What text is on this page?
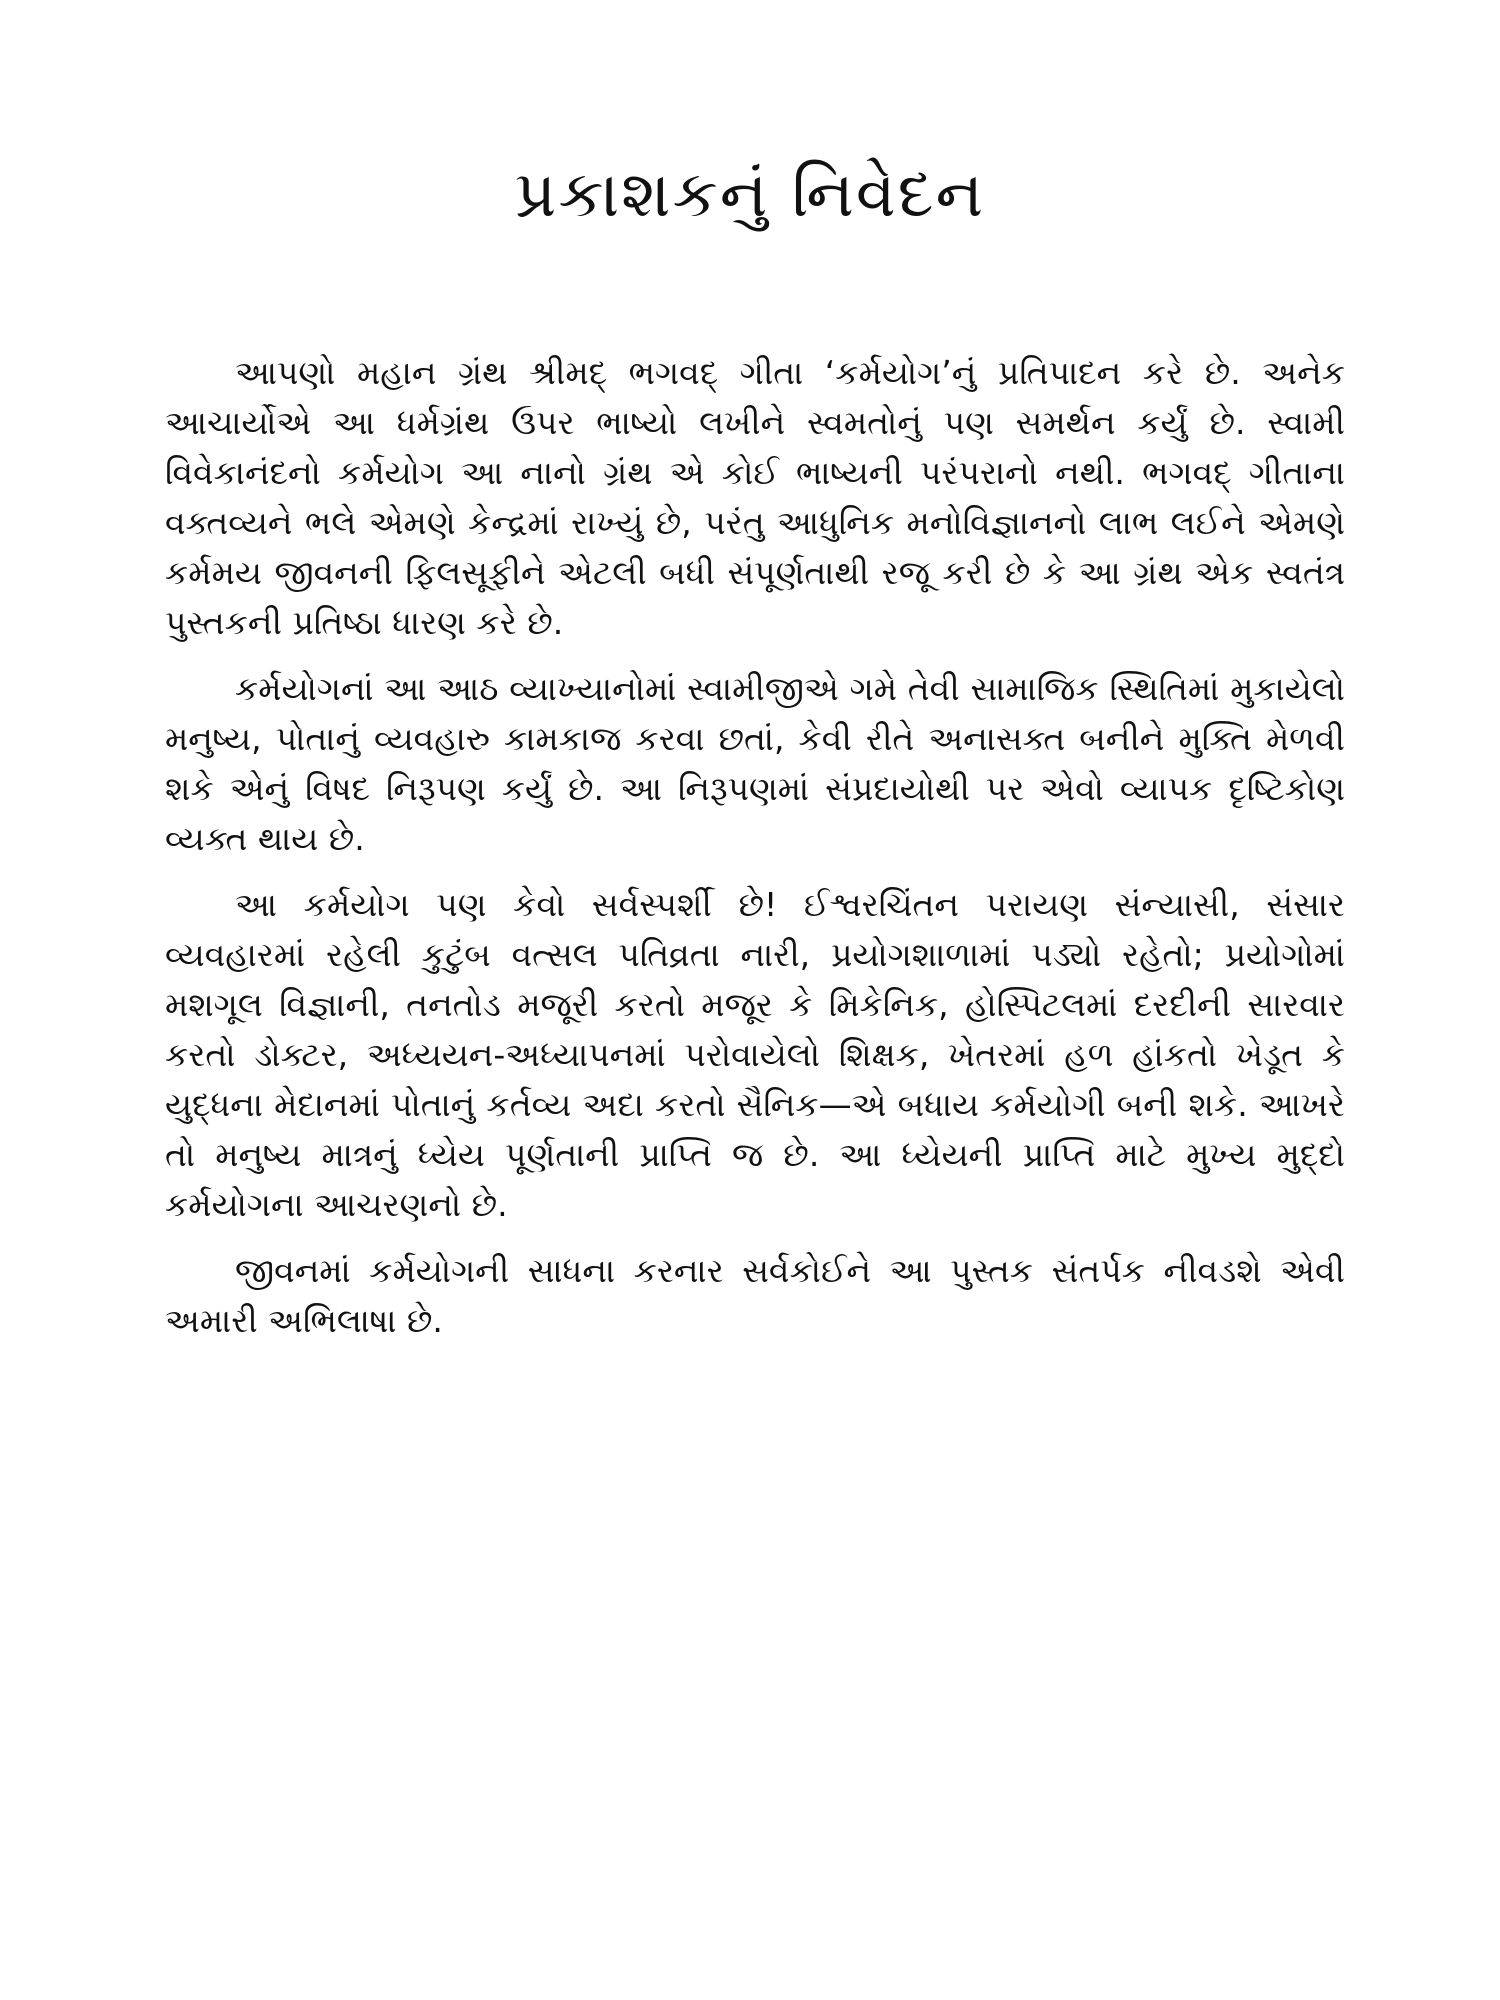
પ્રકાશકનું નિવેદન

આપણો મહાન ગ્રંથ શ્રીમદ્ ભગવદ્ ગીતા ‘કર્મયોગ’નું પ્રતિપાદન કરે છે. અનેક આચાર્યોએ આ ધર્મગ્રંથ ઉપર ભાષ્યો લખીને સ્વમતોનું પણ સમર્થન કર્યું છે. સ્વામી વિવેકાનંદનો કર્મયોગ આ નાનો ગ્રંથ એ કોઈ ભાષ્યની પરંપરાનો નથી. ભગવદ્ ગીતાના વક્તવ્યને ભલે એમણે કેન્દ્રમાં રાખ્યું છે, પરંતુ આધુનિક મનોવિજ્ઞાનનો લાભ લઈને એમણે કર્મમય જીવનની ફિલસૂફીને એટલી બધી સંપૂર્ણતાથી રજૂ કરી છે કે આ ગ્રંથ એક સ્વતંત્ર પુસ્તકની પ્રતિષ્ઠા ધારણ કરે છે.

કર્મયોગનાં આ આઠ વ્યાખ્યાનોમાં સ્વામીજીએ ગમે તેવી સામાજિક સ્થિતિમાં મુકાયેલો મનુષ્ય, પોતાનું વ્યવહારુ કામકાજ કરવા છતાં, કેવી રીતે અનાસક્ત બનીને મુક્તિ મેળવી શકે એનું વિષદ નિરૂપણ કર્યું છે. આ નિરૂપણમાં સંપ્રદાયોથી પર એવો વ્યાપક દૃષ્ટિકોણ વ્યક્ત થાય છે.

આ કર્મયોગ પણ કેવો સર્વસ્પર્શી છે! ઈશ્વરચિંતન પરાયણ સંન્યાસી, સંસાર વ્યવહારમાં રહેલી કુટુંબ વત્સલ પતિવ્રતા નારી, પ્રયોગશાળામાં પડ્યો રહેતો; પ્રયોગોમાં મશગૂલ વિજ્ઞાની, તનતોડ મજૂરી કરતો મજૂર કે મિકેનિક, હોસ્પિટલમાં દરદીની સારવાર કરતો ડોક્ટર, અધ્યયન-અધ્યાપનમાં પરોવાયેલો શિક્ષક, ખેતરમાં હળ હાંકતો ખેડૂત કે યુદ્ધના મેદાનમાં પોતાનું કર્તવ્ય અદા કરતો સૈનિક—એ બધાય કર્મયોગી બની શકે. આખરે તો મનુષ્ય માત્રનું ધ્યેય પૂર્ણતાની પ્રાપ્તિ જ છે. આ ધ્યેયની પ્રાપ્તિ માટે મુખ્ય મુદ્દો કર્મયોગના આચરણનો છે.

જીવનમાં કર્મયોગની સાધના કરનાર સર્વકોઈને આ પુસ્તક સંતર્પક નીવડશે એવી અમારી અભિલાષા છે.
